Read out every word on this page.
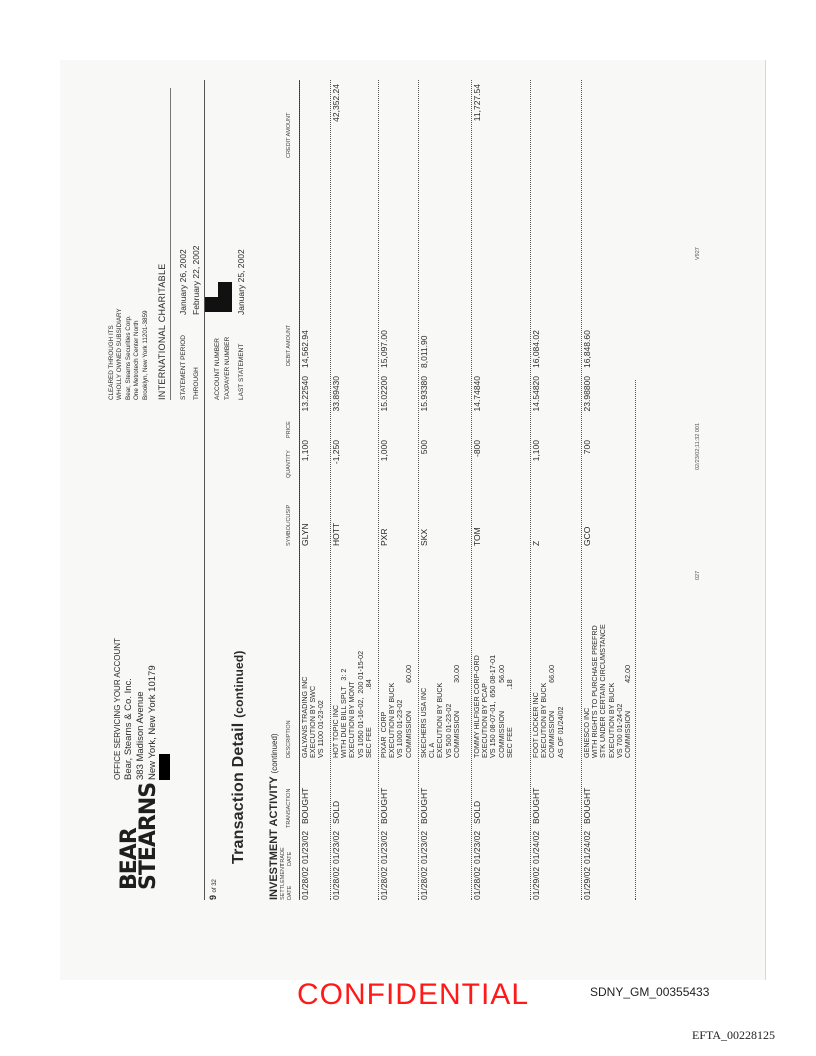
BEAR
STEARNS
OFFICE SERVICING YOUR ACCOUNT Bear, Stearns & Co. Inc. 383 Madison Avenue New York, New York 10179
CLEARED THROUGH ITS WHOLLY OWNED SUBSIDIARY Bear, Stearns Securities Corp. One Metrotech Center North Brooklyn, New York 11201-3859 INTERNATIONAL CHARITABLE STATEMENT PERIOD
January 26, 2002
THROUGH
February 22, 2002
ACCOUNT NUMBER TAXPAYER NUMBER LAST STATEMENT
January 25, 2002
9 of 32
Transaction Detail (continued)
INVESTMENT ACTIVITY (continued)
SETTLEMENT DATE
TRADE DATE
TRANSACTION
DESCRIPTION
SYMBOL/CUSIP
QUANTITY
PRICE
DEBIT AMOUNT
CREDIT AMOUNT
01/28/02
01/23/02
BOUGHT
GALYANS TRADING INC EXECUTION BY SWC VS 1100 01-23-02
GLYN
1,100
13.22540
14,562.94
01/28/02
01/23/02
SOLD
HOT TOPIC INC WITH DUE BILL SPLT   3: 2 EXECUTION BY MONT VS 1050 01-16-02,  200 01-15-02 SEC FEE                   .84
HOTT
-1,250
33.89430
42,352.24
01/28/02
01/23/02
BOUGHT
PIXAR  CORP EXECUTION BY BUCK VS 1000 01-23-02 COMMISSION              60.00
PXR
1,000
15.02200
15,097.00
01/28/02
01/23/02
BOUGHT
SKECHERS USA INC CL A EXECUTION BY BUCK VS 500 01-23-02 COMMISSION              30.00
SKX
500
15.93380
8,011.90
01/28/02
01/23/02
SOLD
TOMMY HILFIGER CORP-ORD EXECUTION BY PCAP VS 150 08-07-01,  650 08-17-01 COMMISSION              56.00 SEC FEE                   .18
TOM
-800
14.74840
11,727.54
01/29/02
01/24/02
BOUGHT
FOOT LOCKER INC EXECUTION BY BUCK COMMISSION              66.00 AS OF 01/24/02
Z
1,100
14.54820
16,084.02
01/29/02
01/24/02
BOUGHT
GENESCO INC WITH RIGHTS TO PURCHASE PREFRD STK UNDER CERTAIN CIRCUMSTANCE EXECUTION BY BUCK VS 700 01-24-02 COMMISSION              42.00
GCO
700
23.98800
16,848.60
027
02/23/02;11:32 001
V927
CONFIDENTIAL	SDNY_GM_00355433
EFTA_00228125
